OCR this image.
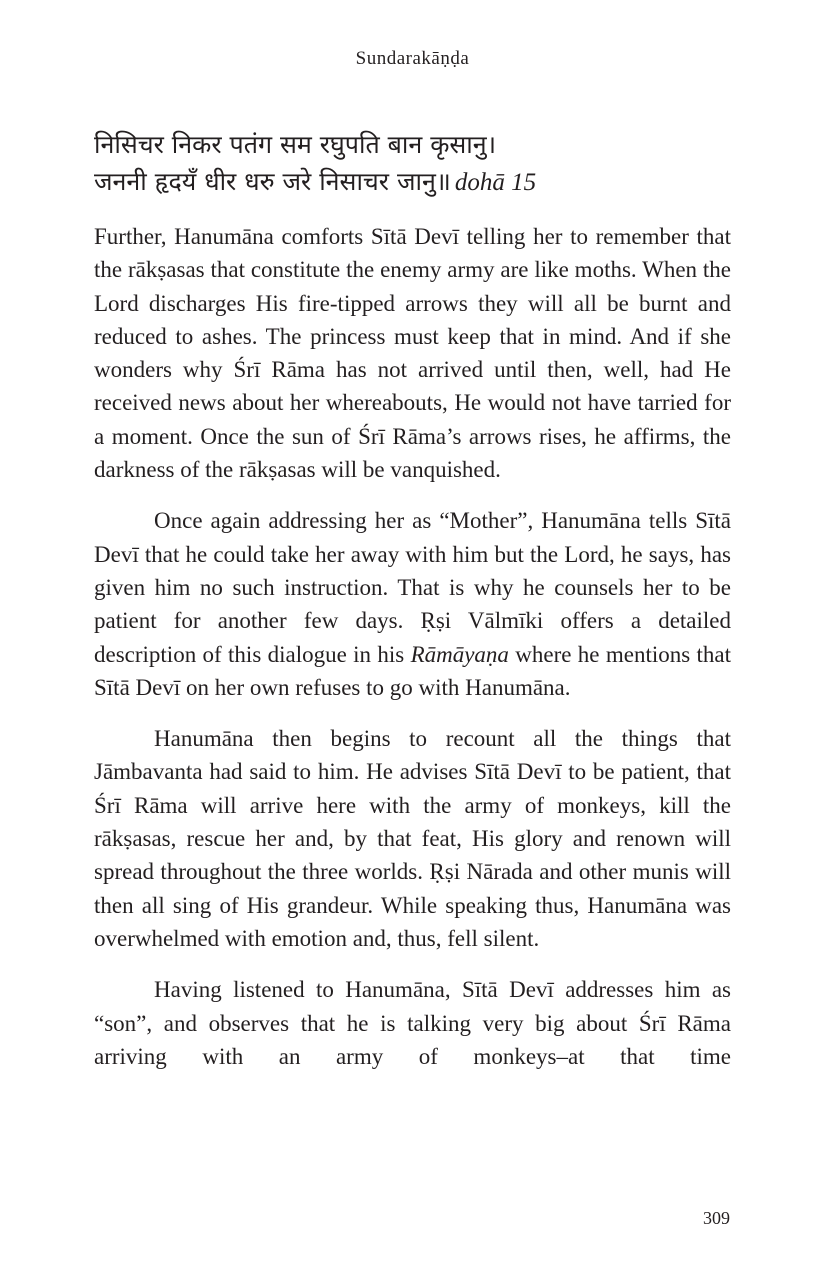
Sundarakāṇḍa
निसिचर निकर पतंग सम रघुपति बान कृसानु।
जननी हृदयँ धीर धरु जरे निसाचर जानु॥ dohā 15

Further, Hanumāna comforts Sītā Devī telling her to remember that the rākṣasas that constitute the enemy army are like moths. When the Lord discharges His fire-tipped arrows they will all be burnt and reduced to ashes. The princess must keep that in mind. And if she wonders why Śrī Rāma has not arrived until then, well, had He received news about her whereabouts, He would not have tarried for a moment. Once the sun of Śrī Rāma’s arrows rises, he affirms, the darkness of the rākṣasas will be vanquished.

Once again addressing her as “Mother”, Hanumāna tells Sītā Devī that he could take her away with him but the Lord, he says, has given him no such instruction. That is why he counsels her to be patient for another few days. Ṛṣi Vālmīki offers a detailed description of this dialogue in his Rāmāyaṇa where he mentions that Sītā Devī on her own refuses to go with Hanumāna.

Hanumāna then begins to recount all the things that Jāmbavanta had said to him. He advises Sītā Devī to be patient, that Śrī Rāma will arrive here with the army of monkeys, kill the rākṣasas, rescue her and, by that feat, His glory and renown will spread throughout the three worlds. Ṛṣi Nārada and other munis will then all sing of His grandeur. While speaking thus, Hanumāna was overwhelmed with emotion and, thus, fell silent.

Having listened to Hanumāna, Sītā Devī addresses him as “son”, and observes that he is talking very big about Śrī Rāma arriving with an army of monkeys–at that time

309
